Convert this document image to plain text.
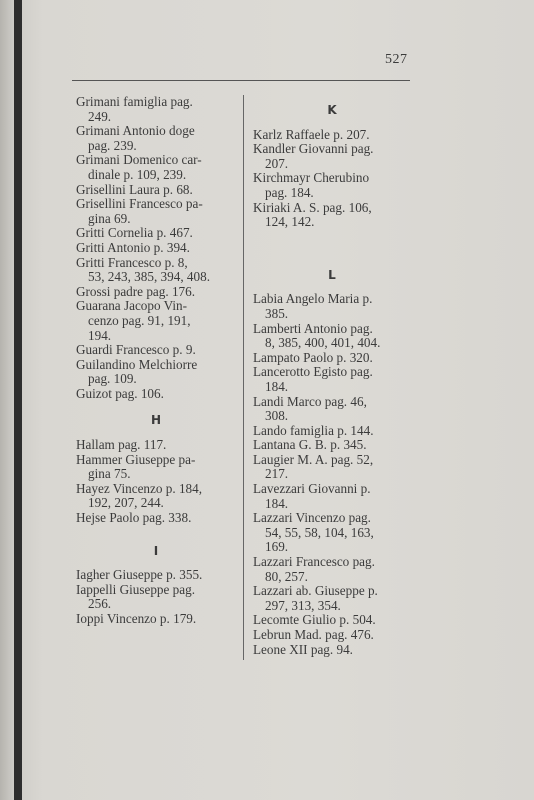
527
Grimani famiglia pag.
249.
Grimani Antonio doge
pag. 239.
Grimani Domenico car-
dinale p. 109, 239.
Grisellini Laura p. 68.
Grisellini Francesco pa-
gina 69.
Gritti Cornelia p. 467.
Gritti Antonio p. 394.
Gritti Francesco p. 8,
53, 243, 385, 394, 408.
Grossi padre pag. 176.
Guarana Jacopo Vin-
cenzo pag. 91, 191,
194.
Guardi Francesco p. 9.
Guilandino Melchiorre
pag. 109.
Guizot pag. 106.
H
Hallam pag. 117.
Hammer Giuseppe pa-
gina 75.
Hayez Vincenzo p. 184,
192, 207, 244.
Hejse Paolo pag. 338.
I
Iagher Giuseppe p. 355.
Iappelli Giuseppe pag.
256.
Ioppi Vincenzo p. 179.
K
Karlz Raffaele p. 207.
Kandler Giovanni pag.
207.
Kirchmayr Cherubino
pag. 184.
Kiriaki A. S. pag. 106,
124, 142.
L
Labia Angelo Maria p.
385.
Lamberti Antonio pag.
8, 385, 400, 401, 404.
Lampato Paolo p. 320.
Lancerotto Egisto pag.
184.
Landi Marco pag. 46,
308.
Lando famiglia p. 144.
Lantana G. B. p. 345.
Laugier M. A. pag. 52,
217.
Lavezzari Giovanni p.
184.
Lazzari Vincenzo pag.
54, 55, 58, 104, 163,
169.
Lazzari Francesco pag.
80, 257.
Lazzari ab. Giuseppe p.
297, 313, 354.
Lecomte Giulio p. 504.
Lebrun Mad. pag. 476.
Leone XII pag. 94.
